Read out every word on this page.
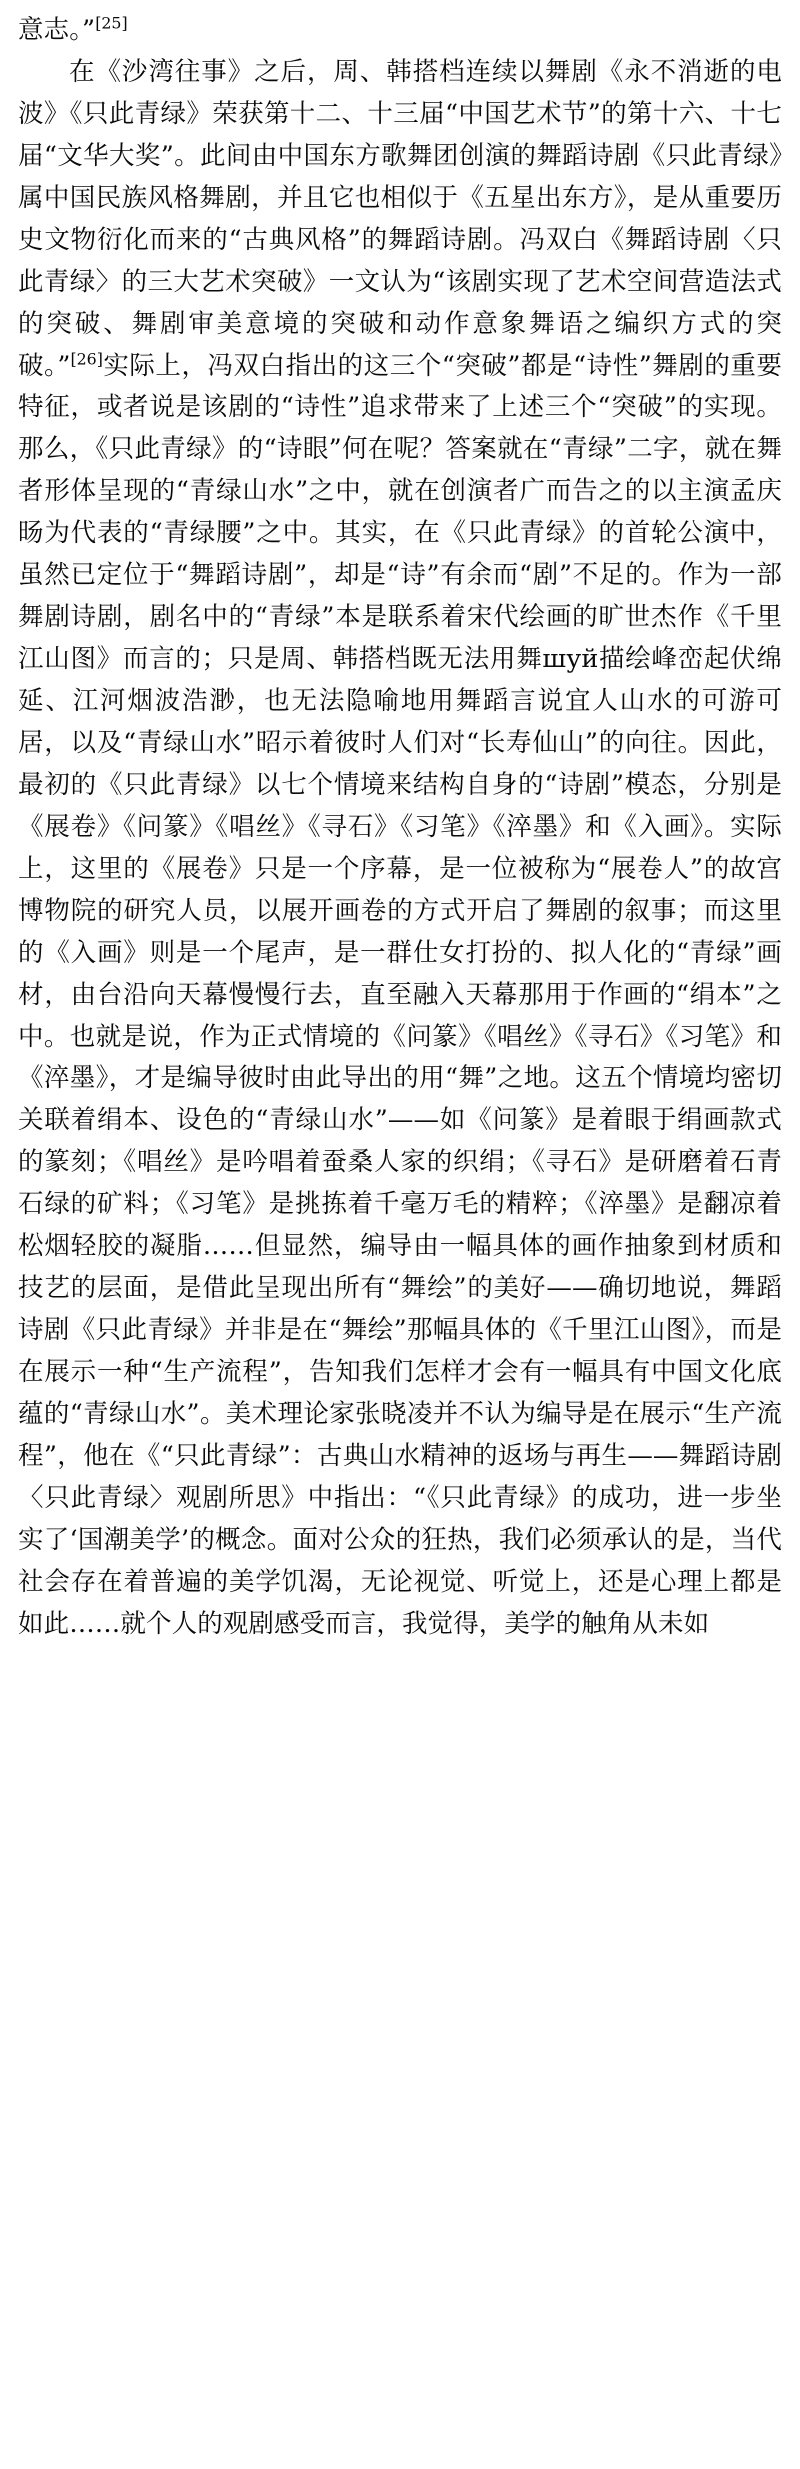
意志。”[25]

在《沙湾往事》之后，周、韩搭档连续以舞剧《永不消逝的电波》《只此青绿》荣获第十二、十三届“中国艺术节”的第十六、十七届“文华大奖”。此间由中国东方歌舞团创演的舞蹈诗剧《只此青绿》属中国民族风格舞剧，并且它也相似于《五星出东方》，是从重要历史文物衍化而来的“古典风格”的舞蹈诗剧。冯双白《舞蹈诗剧〈只此青绿〉的三大艺术突破》一文认为“该剧实现了艺术空间营造法式的突破、舞剧审美意境的突破和动作意象舞语之编织方式的突破。”[26]实际上，冯双白指出的这三个“突破”都是“诗性”舞剧的重要特征，或者说是该剧的“诗性”追求带来了上述三个“突破”的实现。那么，《只此青绿》的“诗眼”何在呢？答案就在“青绿”二字，就在舞者形体呈现的“青绿山水”之中，就在创演者广而告之的以主演孟庆旸为代表的“青绿腰”之中。其实，在《只此青绿》的首轮公演中，虽然已定位于“舞蹈诗剧”，却是“诗”有余而“剧”不足的。作为一部舞剧诗剧，剧名中的“青绿”本是联系着宋代绘画的旷世杰作《千里江山图》而言的；只是周、韩搭档既无法用舞шуй描绘峰峦起伏绵延、江河烟波浩渺，也无法隐喻地用舞蹈言说宜人山水的可游可居，以及“青绿山水”昭示着彼时人们对“长寿仙山”的向往。因此，最初的《只此青绿》以七个情境来结构自身的“诗剧”模态，分别是《展卷》《问篆》《唱丝》《寻石》《习笔》《淬墨》和《入画》。实际上，这里的《展卷》只是一个序幕，是一位被称为“展卷人”的故宫博物院的研究人员，以展开画卷的方式开启了舞剧的叙事；而这里的《入画》则是一个尾声，是一群仕女打扮的、拟人化的“青绿”画材，由台沿向天幕慢慢行去，直至融入天幕那用于作画的“绢本”之中。也就是说，作为正式情境的《问篆》《唱丝》《寻石》《习笔》和《淬墨》，才是编导彼时由此导出的用“舞”之地。这五个情境均密切关联着绢本、设色的“青绿山水”——如《问篆》是着眼于绢画款式的篆刻；《唱丝》是吟唱着蚕桑人家的织绢；《寻石》是研磨着石青石绿的矿料；《习笔》是挑拣着千毫万毛的精粹；《淬墨》是翻凉着松烟轻胶的凝脂……但显然，编导由一幅具体的画作抽象到材质和技艺的层面，是借此呈现出所有“舞绘”的美好——确切地说，舞蹈诗剧《只此青绿》并非是在“舞绘”那幅具体的《千里江山图》，而是在展示一种“生产流程”，告知我们怎样才会有一幅具有中国文化底蕴的“青绿山水”。美术理论家张晓凌并不认为编导是在展示“生产流程”，他在《“只此青绿”：古典山水精神的返场与再生——舞蹈诗剧〈只此青绿〉观剧所思》中指出：“《只此青绿》的成功，进一步坐实了‘国潮美学’的概念。面对公众的狂热，我们必须承认的是，当代社会存在着普遍的美学饥渴，无论视觉、听觉上，还是心理上都是如此……就个人的观剧感受而言，我觉得，美学的触角从未如
